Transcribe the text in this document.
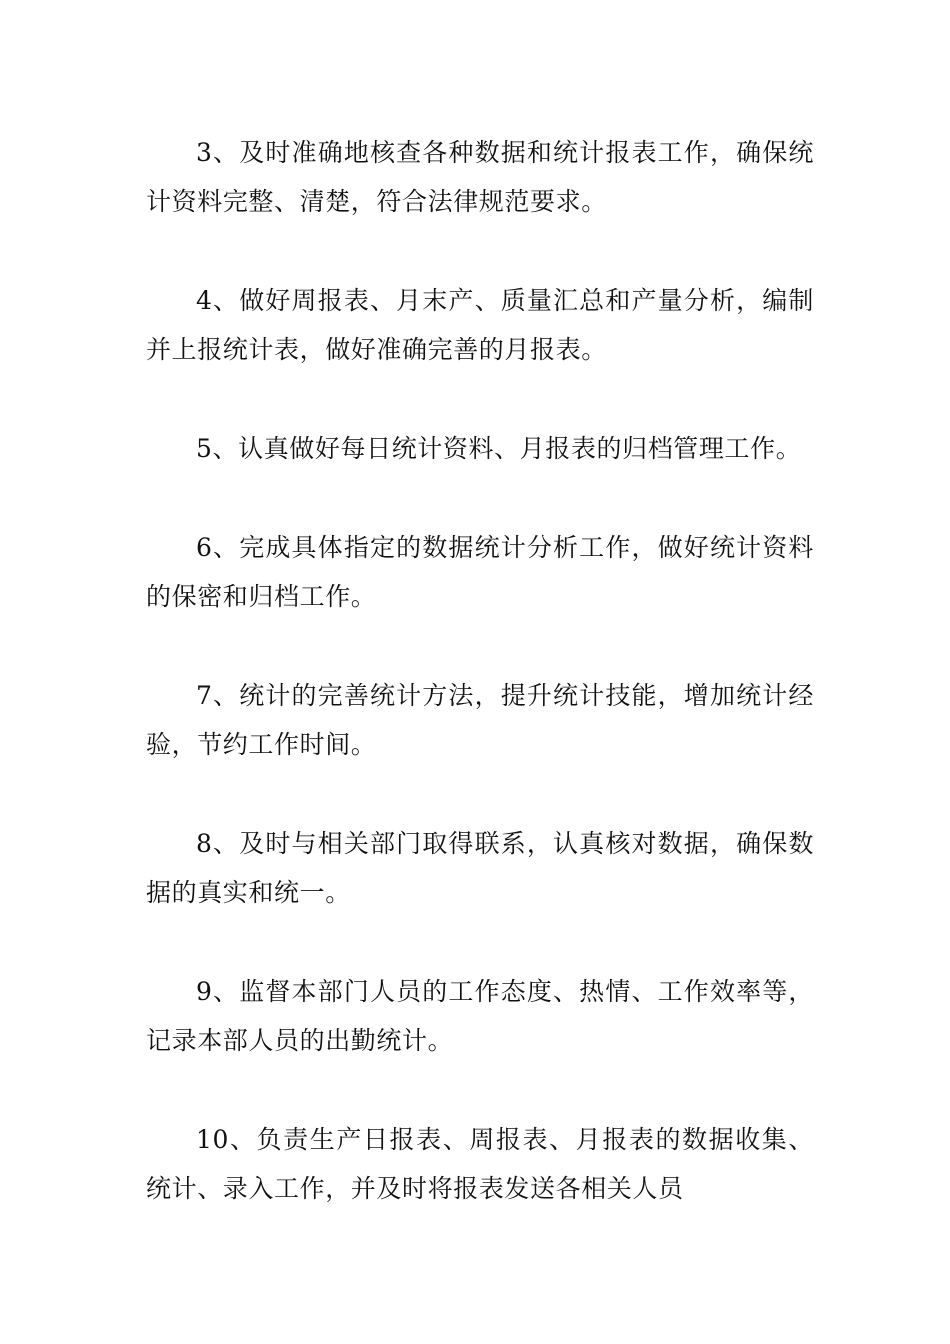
3、及时准确地核查各种数据和统计报表工作，确保统计资料完整、清楚，符合法律规范要求。

4、做好周报表、月末产、质量汇总和产量分析，编制并上报统计表，做好准确完善的月报表。

5、认真做好每日统计资料、月报表的归档管理工作。

6、完成具体指定的数据统计分析工作，做好统计资料的保密和归档工作。

7、统计的完善统计方法，提升统计技能，增加统计经验，节约工作时间。

8、及时与相关部门取得联系，认真核对数据，确保数据的真实和统一。

9、监督本部门人员的工作态度、热情、工作效率等，记录本部人员的出勤统计。

10、负责生产日报表、周报表、月报表的数据收集、统计、录入工作，并及时将报表发送各相关人员
